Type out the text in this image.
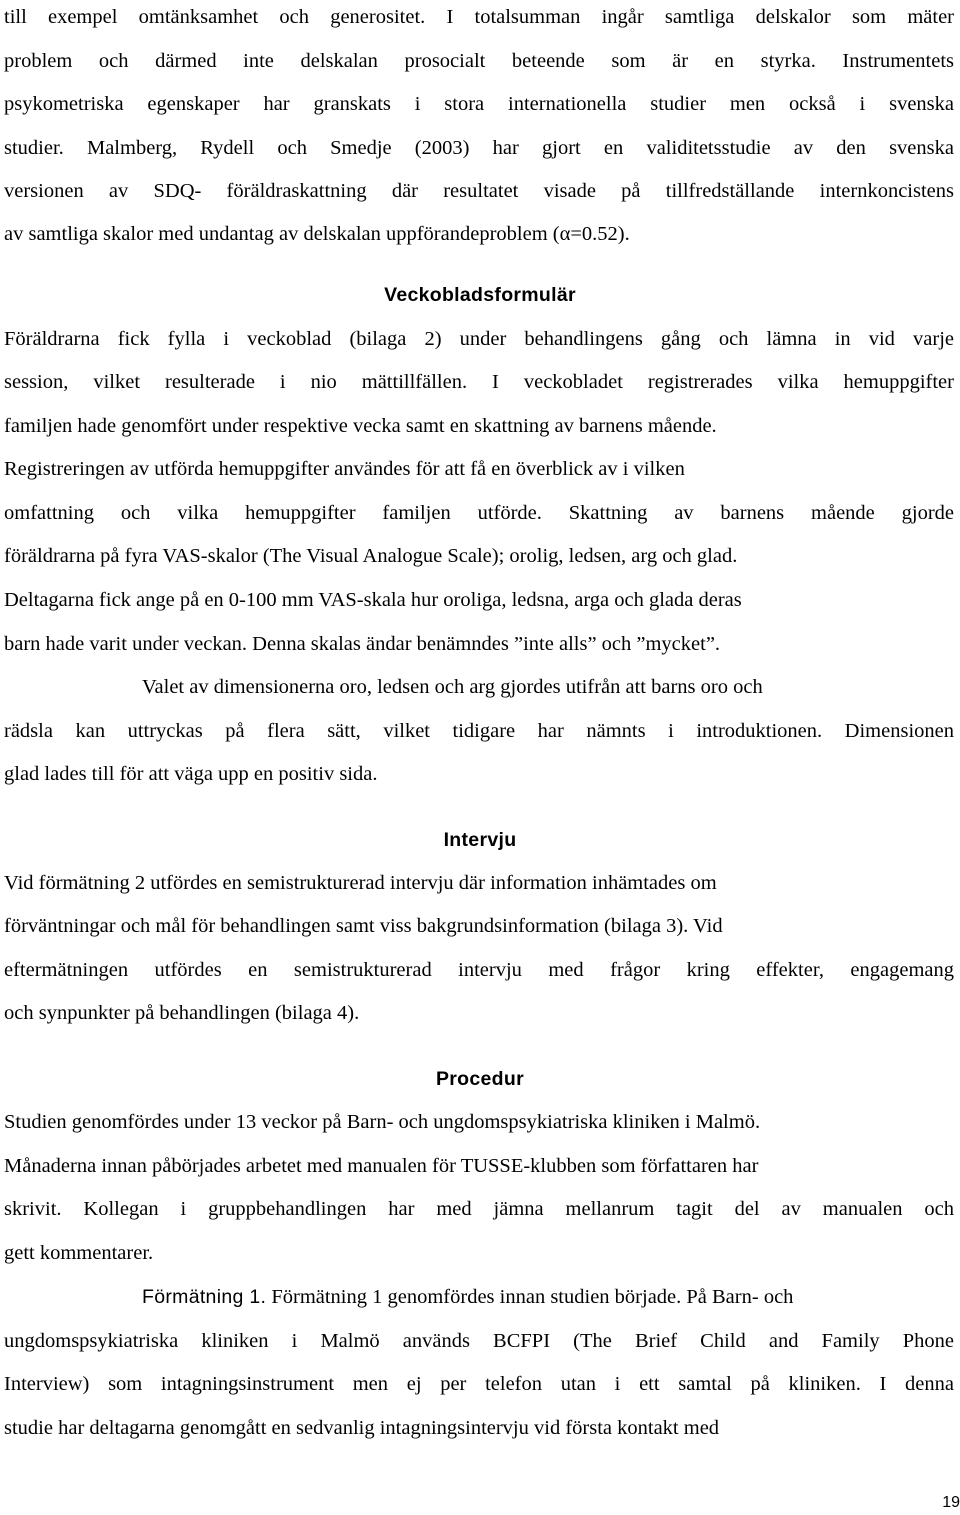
till exempel omtänksamhet och generositet. I totalsumman ingår samtliga delskalor som mäter

problem och därmed inte delskalan prosocialt beteende som är en styrka. Instrumentets

psykometriska egenskaper har granskats i stora internationella studier men också i svenska

studier. Malmberg, Rydell och Smedje (2003) har gjort en validitetsstudie av den svenska

versionen av SDQ- föräldraskattning där resultatet visade på tillfredställande internkoncistens

av samtliga skalor med undantag av delskalan uppförandeproblem (α=0.52).

Veckobladsformulär

Föräldrarna fick fylla i veckoblad (bilaga 2) under behandlingens gång och lämna in vid varje

session, vilket resulterade i nio mättillfällen. I veckobladet registrerades vilka hemuppgifter

familjen hade genomfört under respektive vecka samt en skattning av barnens mående.

Registreringen av utförda hemuppgifter användes för att få en överblick av i vilken

omfattning och vilka hemuppgifter familjen utförde. Skattning av barnens mående gjorde

föräldrarna på fyra VAS-skalor (The Visual Analogue Scale); orolig, ledsen, arg och glad.

Deltagarna fick ange på en 0-100 mm VAS-skala hur oroliga, ledsna, arga och glada deras

barn hade varit under veckan. Denna skalas ändar benämndes ”inte alls” och ”mycket”.

Valet av dimensionerna oro, ledsen och arg gjordes utifrån att barns oro och

rädsla kan uttryckas på flera sätt, vilket tidigare har nämnts i introduktionen. Dimensionen

glad lades till för att väga upp en positiv sida.

Intervju

Vid förmätning 2 utfördes en semistrukturerad intervju där information inhämtades om

förväntningar och mål för behandlingen samt viss bakgrundsinformation (bilaga 3). Vid

eftermätningen utfördes en semistrukturerad intervju med frågor kring effekter, engagemang

och synpunkter på behandlingen (bilaga 4).

Procedur

Studien genomfördes under 13 veckor på Barn- och ungdomspsykiatriska kliniken i Malmö.

Månaderna innan påbörjades arbetet med manualen för TUSSE-klubben som författaren har

skrivit. Kollegan i gruppbehandlingen har med jämna mellanrum tagit del av manualen och

gett kommentarer.

Förmätning 1. Förmätning 1 genomfördes innan studien började. På Barn- och

ungdomspsykiatriska kliniken i Malmö används BCFPI (The Brief Child and Family Phone

Interview) som intagningsinstrument men ej per telefon utan i ett samtal på kliniken. I denna

studie har deltagarna genomgått en sedvanlig intagningsintervju vid första kontakt med

19
